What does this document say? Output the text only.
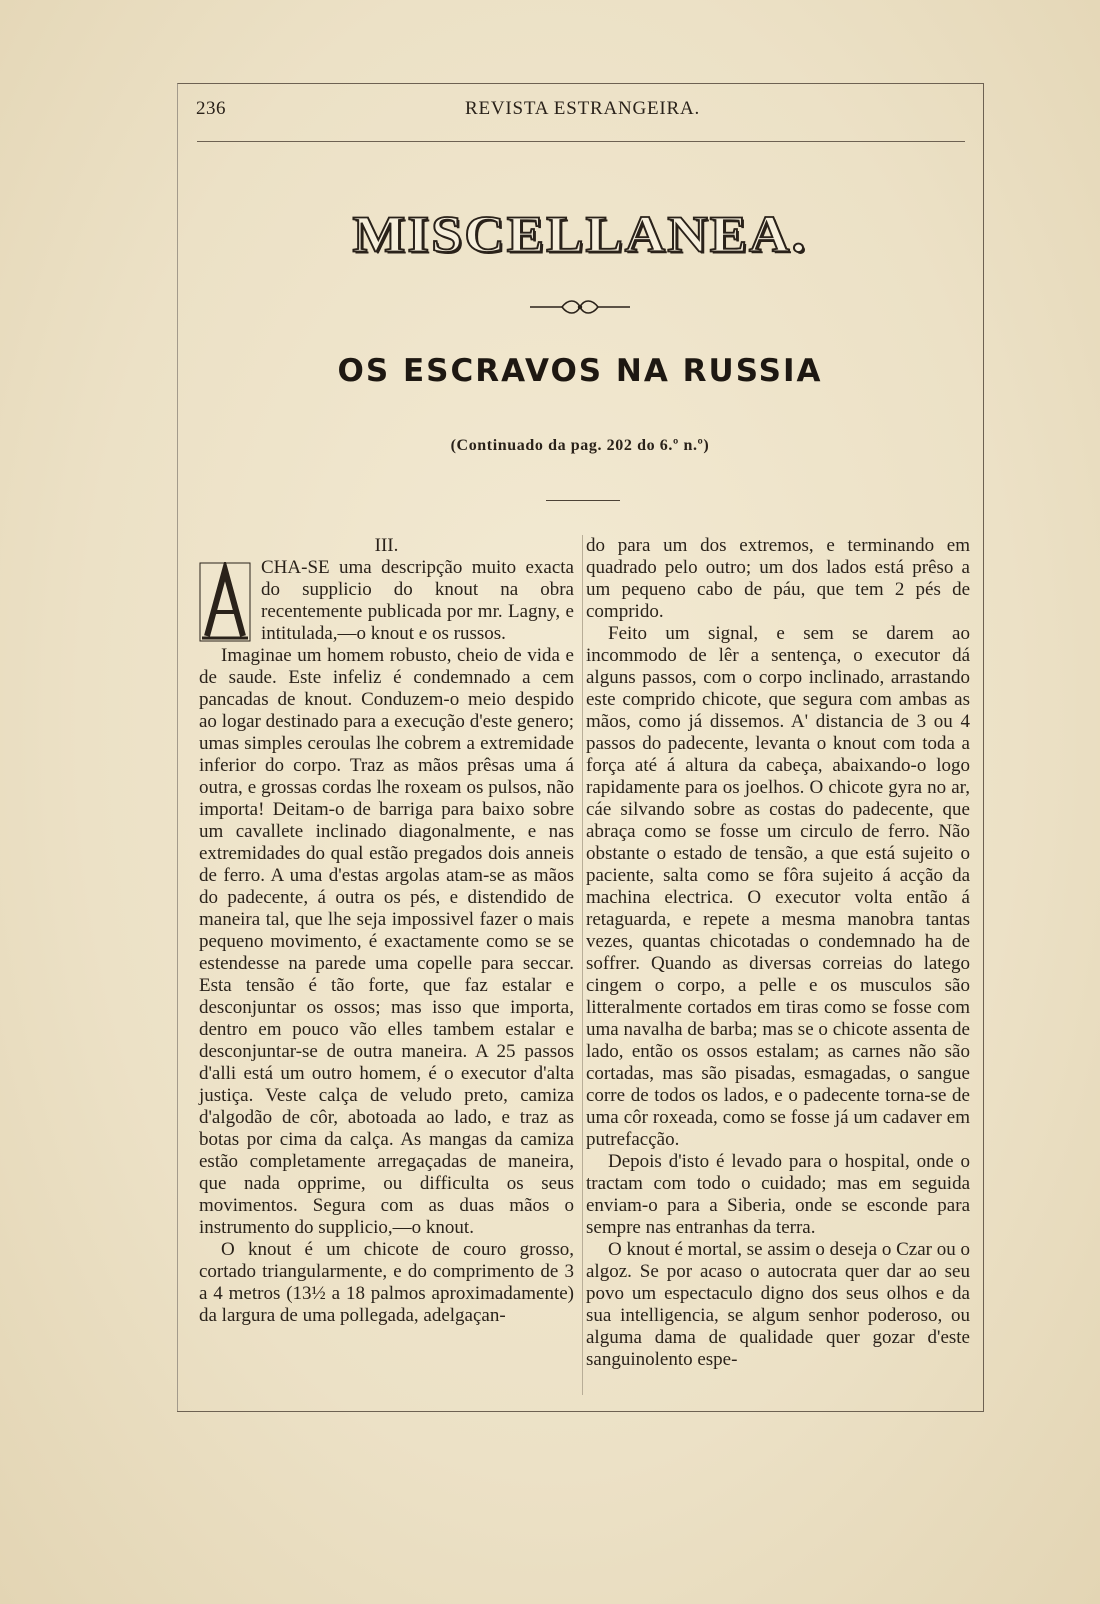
236	REVISTA ESTRANGEIRA.
MISCELLANEA.
OS ESCRAVOS NA RUSSIA
(Continuado da pag. 202 do 6.º n.º)

III.

CHA-SE uma descripção muito exacta do supplicio do knout na obra recentemente publicada por mr. Lagny, e intitulada,—o knout e os russos.

Imaginae um homem robusto, cheio de vida e de saude. Este infeliz é condemnado a cem pancadas de knout. Conduzem-o meio despido ao logar destinado para a execução d'este genero; umas simples ceroulas lhe cobrem a extremidade inferior do corpo. Traz as mãos prêsas uma á outra, e grossas cordas lhe roxeam os pulsos, não importa! Deitam-o de barriga para baixo sobre um cavallete inclinado diagonalmente, e nas extremidades do qual estão pregados dois anneis de ferro. A uma d'estas argolas atam-se as mãos do padecente, á outra os pés, e distendido de maneira tal, que lhe seja impossivel fazer o mais pequeno movimento, é exactamente como se se estendesse na parede uma copelle para seccar. Esta tensão é tão forte, que faz estalar e desconjuntar os ossos; mas isso que importa, dentro em pouco vão elles tambem estalar e desconjuntar-se de outra maneira. A 25 passos d'alli está um outro homem, é o executor d'alta justiça. Veste calça de veludo preto, camiza d'algodão de côr, abotoada ao lado, e traz as botas por cima da calça. As mangas da camiza estão completamente arregaçadas de maneira, que nada opprime, ou difficulta os seus movimentos. Segura com as duas mãos o instrumento do supplicio,—o knout.

O knout é um chicote de couro grosso, cortado triangularmente, e do comprimento de 3 a 4 metros (13½ a 18 palmos aproximadamente) da largura de uma pollegada, adelgaçan-

do para um dos extremos, e terminando em quadrado pelo outro; um dos lados está prêso a um pequeno cabo de páu, que tem 2 pés de comprido.

Feito um signal, e sem se darem ao incommodo de lêr a sentença, o executor dá alguns passos, com o corpo inclinado, arrastando este comprido chicote, que segura com ambas as mãos, como já dissemos. A' distancia de 3 ou 4 passos do padecente, levanta o knout com toda a força até á altura da cabeça, abaixando-o logo rapidamente para os joelhos. O chicote gyra no ar, cáe silvando sobre as costas do padecente, que abraça como se fosse um circulo de ferro. Não obstante o estado de tensão, a que está sujeito o paciente, salta como se fôra sujeito á acção da machina electrica. O executor volta então á retaguarda, e repete a mesma manobra tantas vezes, quantas chicotadas o condemnado ha de soffrer. Quando as diversas correias do latego cingem o corpo, a pelle e os musculos são litteralmente cortados em tiras como se fosse com uma navalha de barba; mas se o chicote assenta de lado, então os ossos estalam; as carnes não são cortadas, mas são pisadas, esmagadas, o sangue corre de todos os lados, e o padecente torna-se de uma côr roxeada, como se fosse já um cadaver em putrefacção.

Depois d'isto é levado para o hospital, onde o tractam com todo o cuidado; mas em seguida enviam-o para a Siberia, onde se esconde para sempre nas entranhas da terra.

O knout é mortal, se assim o deseja o Czar ou o algoz. Se por acaso o autocrata quer dar ao seu povo um espectaculo digno dos seus olhos e da sua intelligencia, se algum senhor poderoso, ou alguma dama de qualidade quer gozar d'este sanguinolento espe-
